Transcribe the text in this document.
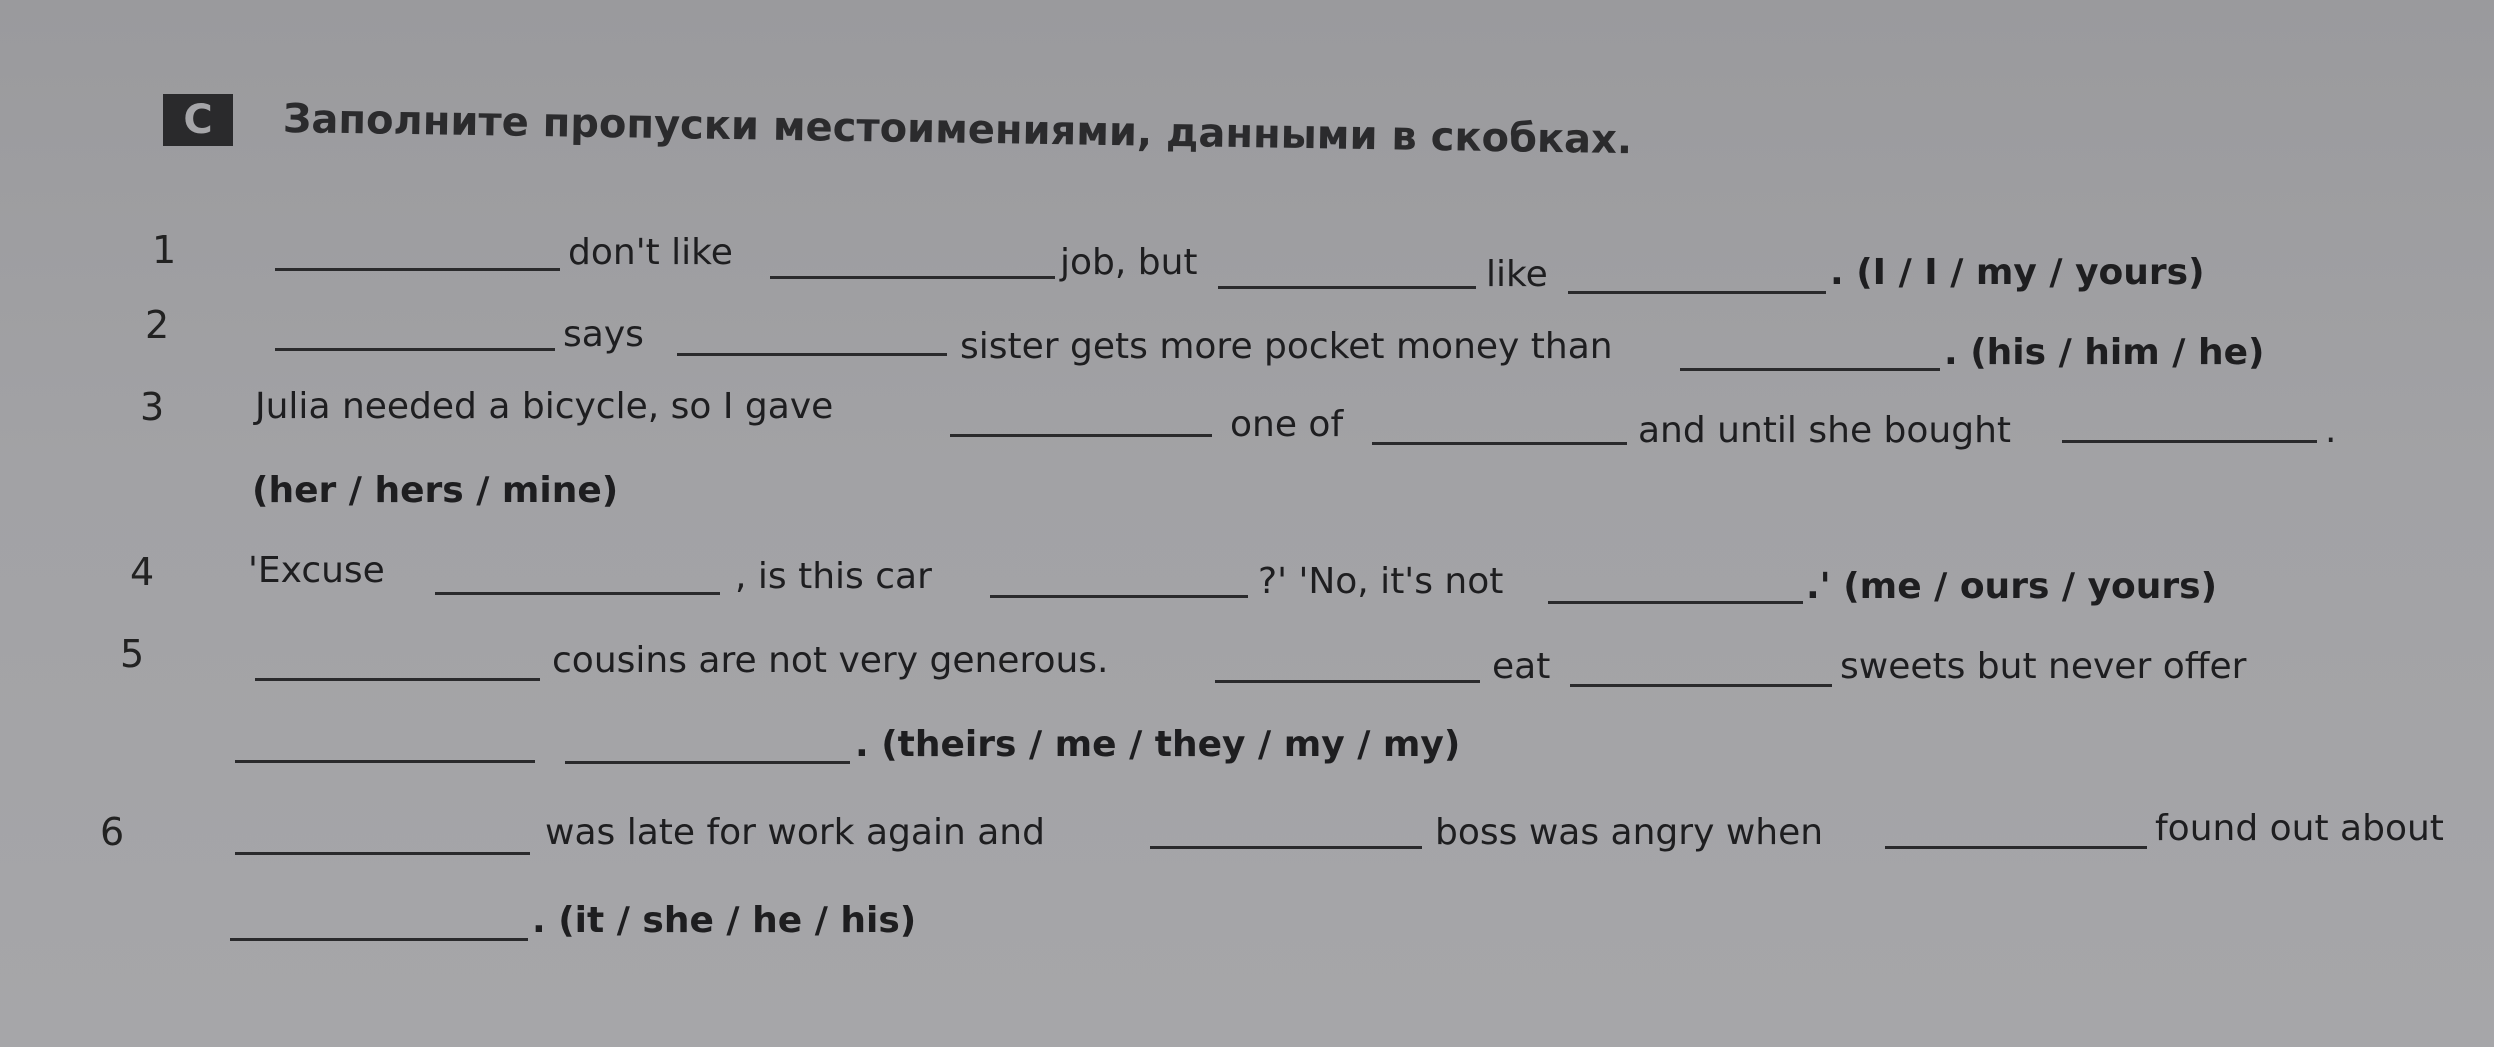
C	Заполните пропуски местоимениями, данными в скобках.
1	don't like	job, but	like	. (I / I / my / yours)
2	says	sister gets more pocket money than	. (his / him / he)
3	Julia needed a bicycle, so I gave	one of	and until she bought	.
(her / hers / mine)
4	'Excuse	, is this car	?' 'No, it's not	.' (me / ours / yours)
5	cousins are not very generous.	eat	sweets but never offer
. (theirs / me / they / my / my)
6	was late for work again and	boss was angry when	found out about
. (it / she / he / his)
